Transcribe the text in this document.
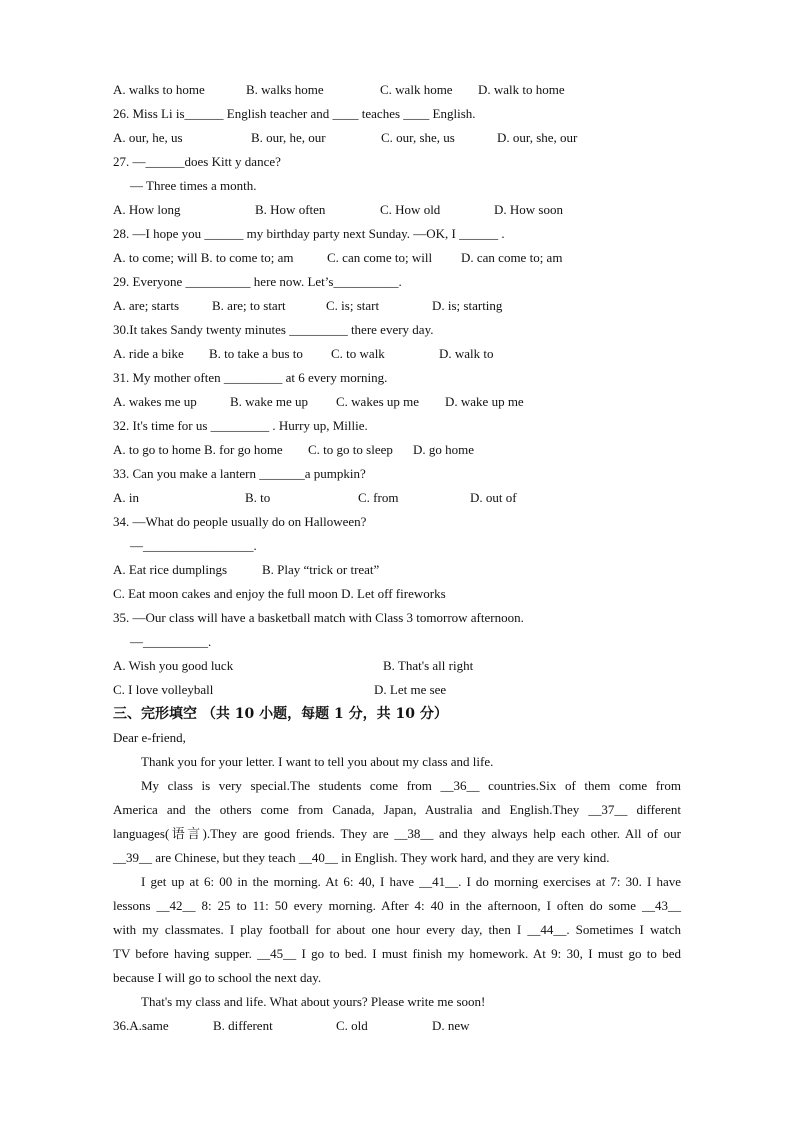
A. walks to home	B. walks home	C. walk home D. walk to home
26. Miss Li is______ English teacher and ____ teaches ____ English.
A. our, he, us	B. our, he, our	C. our, she, us	D. our, she, our
27. —______does Kitt y dance?
— Three times a month.
A. How long	B. How often	C. How old	D. How soon
28. —I hope you ______ my birthday party next Sunday. —OK, I ______ .
A. to come; will B. to come to; am	C. can come to; will D. can come to; am
29. Everyone __________ here now. Let’s__________.
A. are; starts	B. are; to start	C. is; start	D. is; starting
30.It takes Sandy twenty minutes _________ there every day.
A. ride a bike B. to take a bus to C. to walk	D. walk to
31. My mother often _________ at 6 every morning.
A. wakes me up	B. wake me up C. wakes up me D. wake up me
32. It's time for us _________ . Hurry up, Millie.
A. to go to home B. for go home C. to go to sleep D. go home
33. Can you make a lantern _______a pumpkin?
A. in	B. to	C. from	D. out of
34. —What do people usually do on Halloween?
—_________________.
A. Eat rice dumplings	B. Play “trick or treat”
C. Eat moon cakes and enjoy the full moon D. Let off fireworks
35. —Our class will have a basketball match with Class 3 tomorrow afternoon.
—__________.
A. Wish you good luck	B. That's all right
C. I love volleyball	D. Let me see
三、完形填空 （共 10 小题，每题 1 分，共 10 分）
Dear e-friend,
Thank you for your letter. I want to tell you about my class and life.
My class is very special.The students come from __36__ countries.Six of them come from
America and the others come from Canada, Japan, Australia and English.They __37__ different
languages(语言).They are good friends. They are __38__ and they always help each other. All of our
__39__ are Chinese, but they teach __40__ in English. They work hard, and they are very kind.
I get up at 6: 00 in the morning. At 6: 40, I have __41__. I do morning exercises at 7: 30. I have
lessons __42__ 8: 25 to 11: 50 every morning. After 4: 40 in the afternoon, I often do some __43__
with my classmates. I play football for about one hour every day, then I __44__. Sometimes I watch
TV before having supper. __45__ I go to bed. I must finish my homework. At 9: 30, I must go to bed
because I will go to school the next day.
That's my class and life. What about yours? Please write me soon!
36.A.same	B. different	C. old	D. new
